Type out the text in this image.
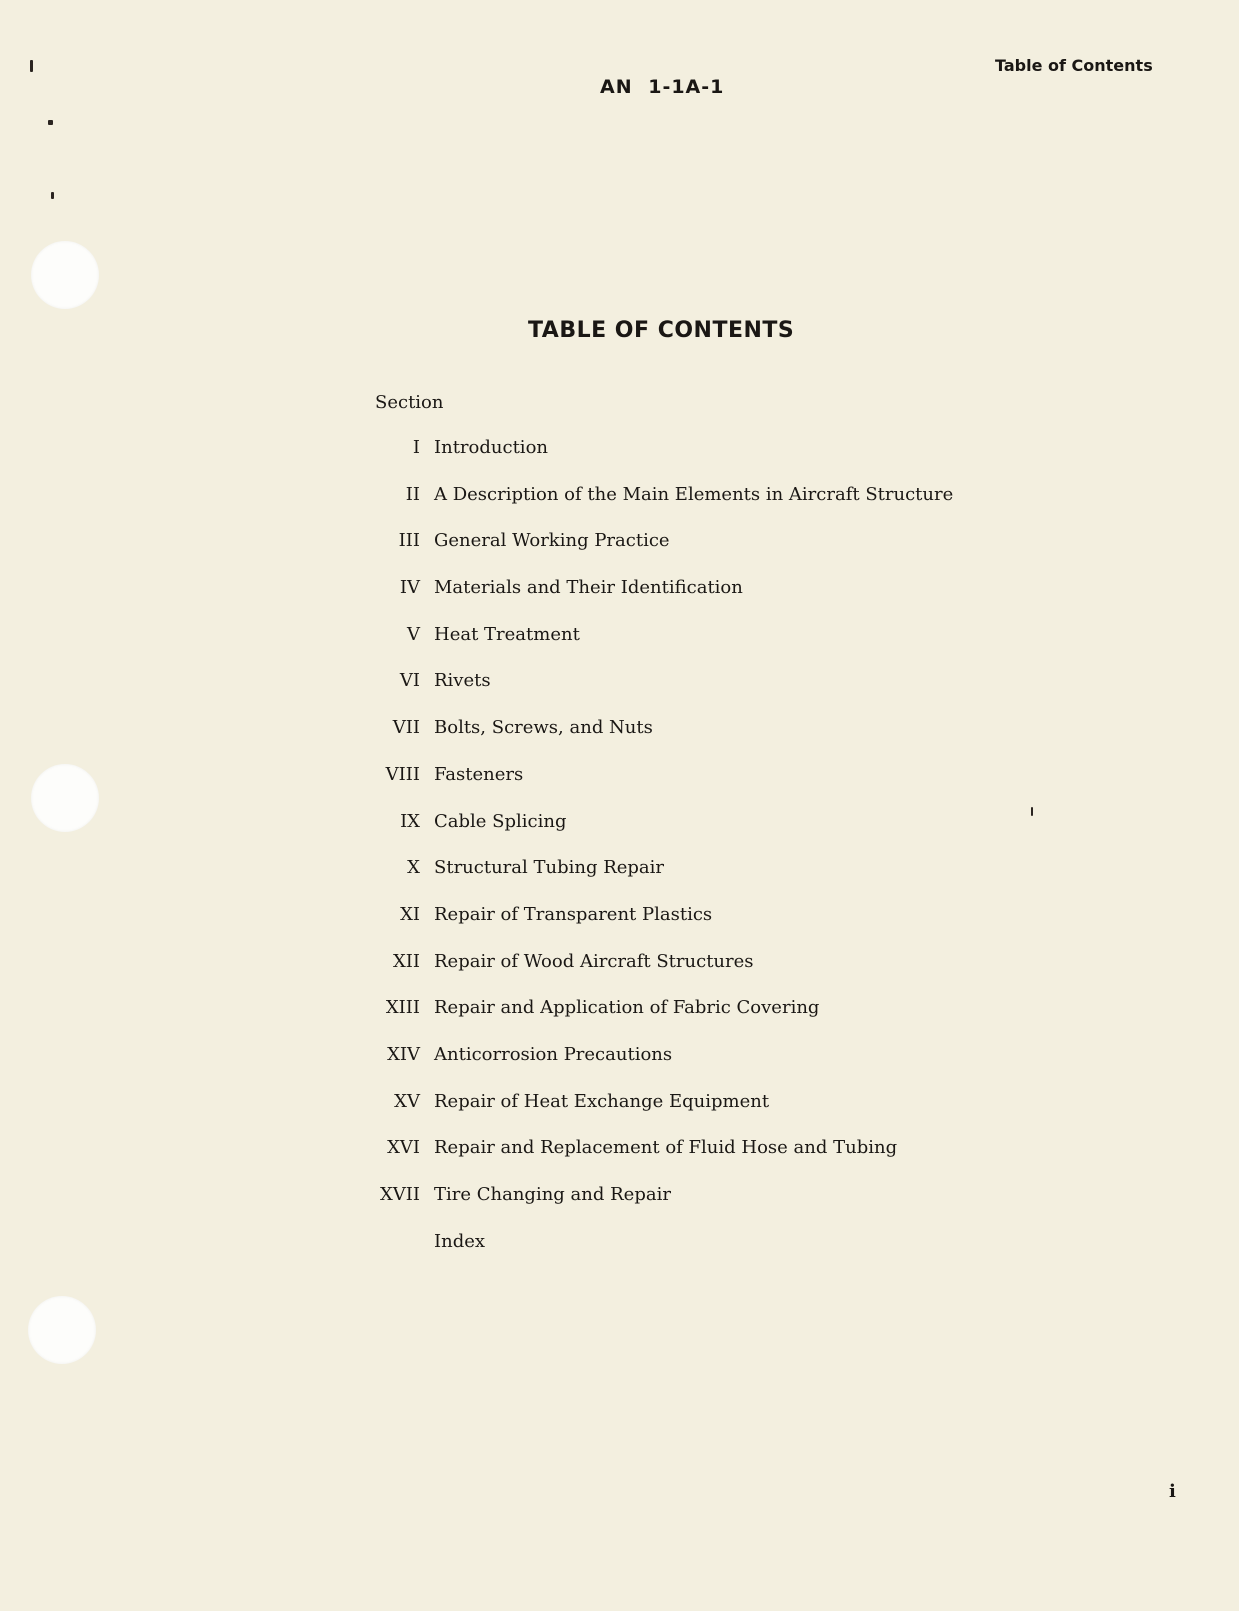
Table of Contents
AN 1-1A-1
TABLE OF CONTENTS
Section
I Introduction
II A Description of the Main Elements in Aircraft Structure
III General Working Practice
IV Materials and Their Identification
V Heat Treatment
VI Rivets
VII Bolts, Screws, and Nuts
VIII Fasteners
IX Cable Splicing
X Structural Tubing Repair
XI Repair of Transparent Plastics
XII Repair of Wood Aircraft Structures
XIII Repair and Application of Fabric Covering
XIV Anticorrosion Precautions
XV Repair of Heat Exchange Equipment
XVI Repair and Replacement of Fluid Hose and Tubing
XVII Tire Changing and Repair
Index
i
